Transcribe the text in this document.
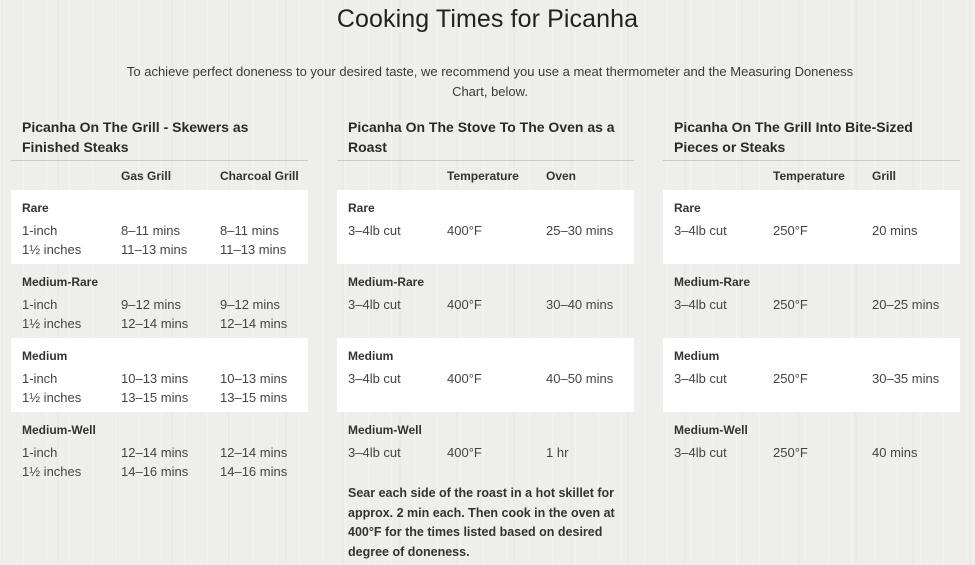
Cooking Times for Picanha
To achieve perfect doneness to your desired taste, we recommend you use a meat thermometer and the Measuring Doneness Chart, below.
Picanha On The Grill - Skewers as Finished Steaks
Gas Grill	Charcoal Grill
Rare
1-inch	8–11 mins	8–11 mins
1½ inches	11–13 mins	11–13 mins
Medium-Rare
1-inch	9–12 mins	9–12 mins
1½ inches	12–14 mins 12–14 mins
Medium
1-inch	10–13 mins 10–13 mins
1½ inches	13–15 mins 13–15 mins
Medium-Well
1-inch	12–14 mins 12–14 mins
1½ inches	14–16 mins 14–16 mins
Picanha On The Stove To The Oven as a Roast
Temperature Oven
Rare
3–4lb cut	400°F	25–30 mins
Medium-Rare
3–4lb cut	400°F	30–40 mins
Medium
3–4lb cut	400°F	40–50 mins
Medium-Well
3–4lb cut	400°F	1 hr
Picanha On The Grill Into Bite-Sized Pieces or Steaks
Temperature Grill
Rare
3–4lb cut	250°F	20 mins
Medium-Rare
3–4lb cut	250°F	20–25 mins
Medium
3–4lb cut	250°F	30–35 mins
Medium-Well
3–4lb cut	250°F	40 mins
Sear each side of the roast in a hot skillet for approx. 2 min each. Then cook in the oven at 400°F for the times listed based on desired degree of doneness.
